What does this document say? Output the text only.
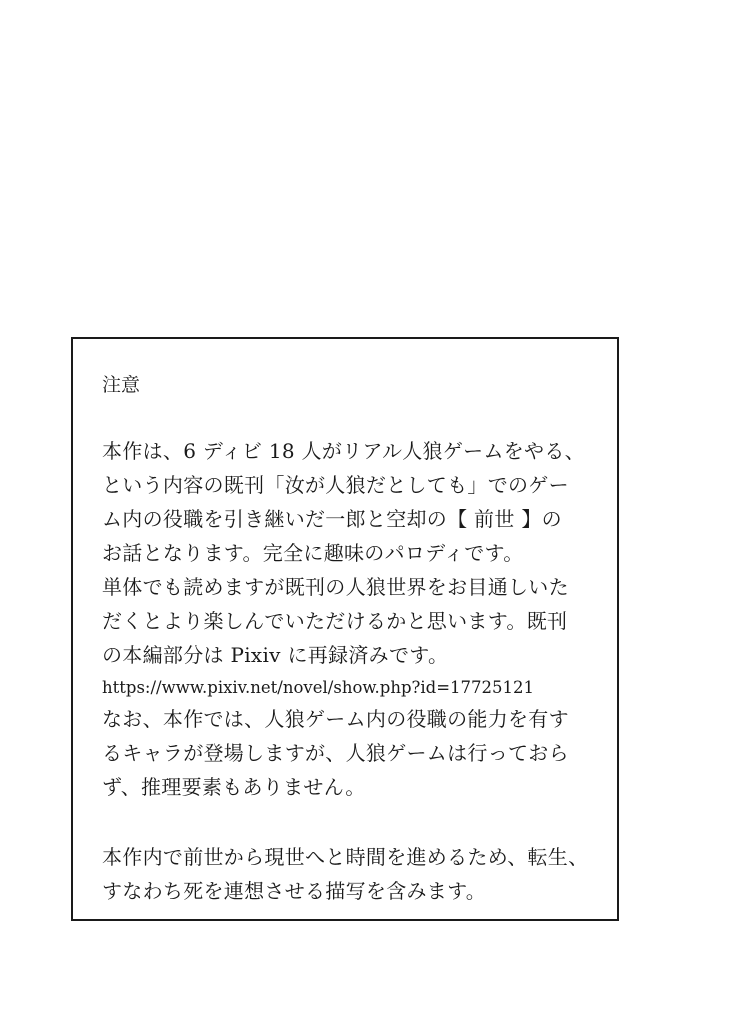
注意

本作は、6 ディビ 18 人がリアル人狼ゲームをやる、

という内容の既刊「汝が人狼だとしても」でのゲー

ム内の役職を引き継いだ一郎と空却の【 前世 】の

お話となります。完全に趣味のパロディです。

単体でも読めますが既刊の人狼世界をお目通しいた

だくとより楽しんでいただけるかと思います。既刊

の本編部分は Pixiv に再録済みです。

https://www.pixiv.net/novel/show.php?id=17725121

なお、本作では、人狼ゲーム内の役職の能力を有す

るキャラが登場しますが、人狼ゲームは行っておら

ず、推理要素もありません。

本作内で前世から現世へと時間を進めるため、転生、

すなわち死を連想させる描写を含みます。
